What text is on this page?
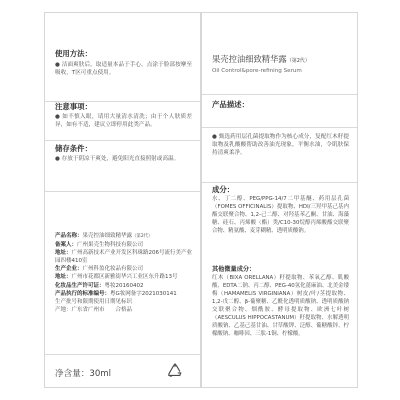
使用方法：

● 洁面爽肤后，取适量本品于手心，点涂于脸部按摩至吸收，T区可重点使用。

注意事项：

● 如不慎入眼，请用大量清水清洗；由于个人肤质差异，如有不适，建议立即停用此类产品。

储存条件：

● 存放于阴凉干爽处，避免阳光直接照射或高温。

产品名称：果壳控油细致精华露（第2代）

备案人：广州果壳生物科技有限公司

地址：广州高新技术产业开发区科珠路206号流行美产业园四楼410室

生产企业：广州科盈化妆品有限公司

地址：广州市花都区新雅街华兴工业区东升路13号

化妆品生产许可证：粤妆20160402

产品执行的标准编号：粤G妆网备字2021030141

生产批号和限期使用日期见标识

产地：广东省广州市　　合格品

净含量：30ml
果壳控油细致精华露（第2代）
Oil Control&pore-refining Serum

产品描述：

● 甄选药用层孔菌提取物作为核心成分，复配红木籽提取物及乳酸酸帮助改善油光现象，平衡水油，令肌肤保持清爽柔净。

成分：

水、丁二醇、PEG/PPG-14/7二甲基醚、药用层孔菌（FOMES OFFICINALIS）提取物、HDI/三羟甲基己基内酯交联聚合物、1,2-己二醇、对羟基苯乙酮、甘油、海藻糖、硅石、丙烯酸（酯）类/C10-30烷醇丙烯酸酯交联聚合物、精氨酸、麦芽糊精、透明质酸钠。

其他微量成分：

红木（BIXA ORELLANA）籽提取物、苯氧乙醇、肌酸酸、EDTA二钠、丙二醇、PEG-40氢化蓖麻油、北美金缕梅（HAMAMELIS VIRGINIANA）树皮/叶/茎提取物、1,2-戊二醇、β-葡聚糖、乙酰化透明质酸钠、透明质酸钠交联聚合物、烟酰胺、酵母提取物、欧洲七叶树（AESCULUS HIPPOCASTANUM）籽提取物、水解透明质酸钠、乙基己基甘油、甘草酸钾、泛醇、葡糖酸锌、柠檬酸钠、咖啡因、三肽-1铜、柠檬酸。
